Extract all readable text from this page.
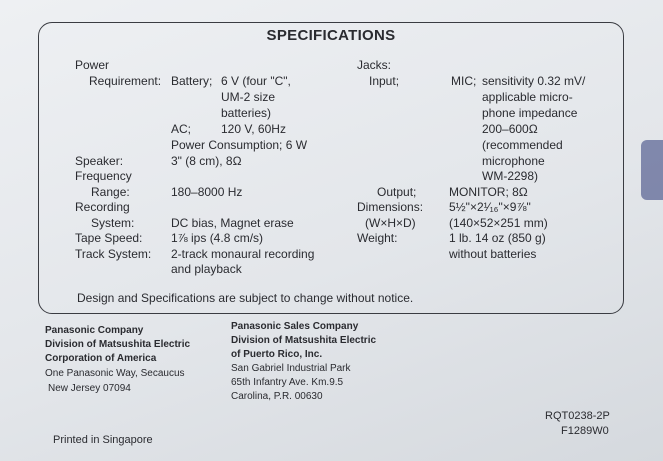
SPECIFICATIONS
Power
Requirement: Battery; 6 V (four "C",
UM-2 size
batteries)
AC; 120 V, 60Hz
Power Consumption; 6 W
Speaker:	3" (8 cm), 8Ω
Frequency
Range:	180–8000 Hz
Recording
System:	DC bias, Magnet erase
Tape Speed: 1⅞ ips (4.8 cm/s)
Track System: 2-track monaural recording
and playback
Jacks:
Input;	MIC; sensitivity 0.32 mV/
applicable micro-
phone impedance
200–600Ω
(recommended
microphone
WM-2298)
Output;	MONITOR; 8Ω
Dimensions: 5½"×2¹⁄₁₆"×9⅞"
(W×H×D)	(140×52×251 mm)
Weight:	1 lb. 14 oz (850 g)
without batteries
Design and Specifications are subject to change without notice.
Panasonic Company
Division of Matsushita Electric
Corporation of America
One Panasonic Way, Secaucus
New Jersey 07094
Panasonic Sales Company
Division of Matsushita Electric
of Puerto Rico, Inc.
San Gabriel Industrial Park
65th Infantry Ave. Km.9.5
Carolina, P.R. 00630
Printed in Singapore
RQT0238-2P
F1289W0
